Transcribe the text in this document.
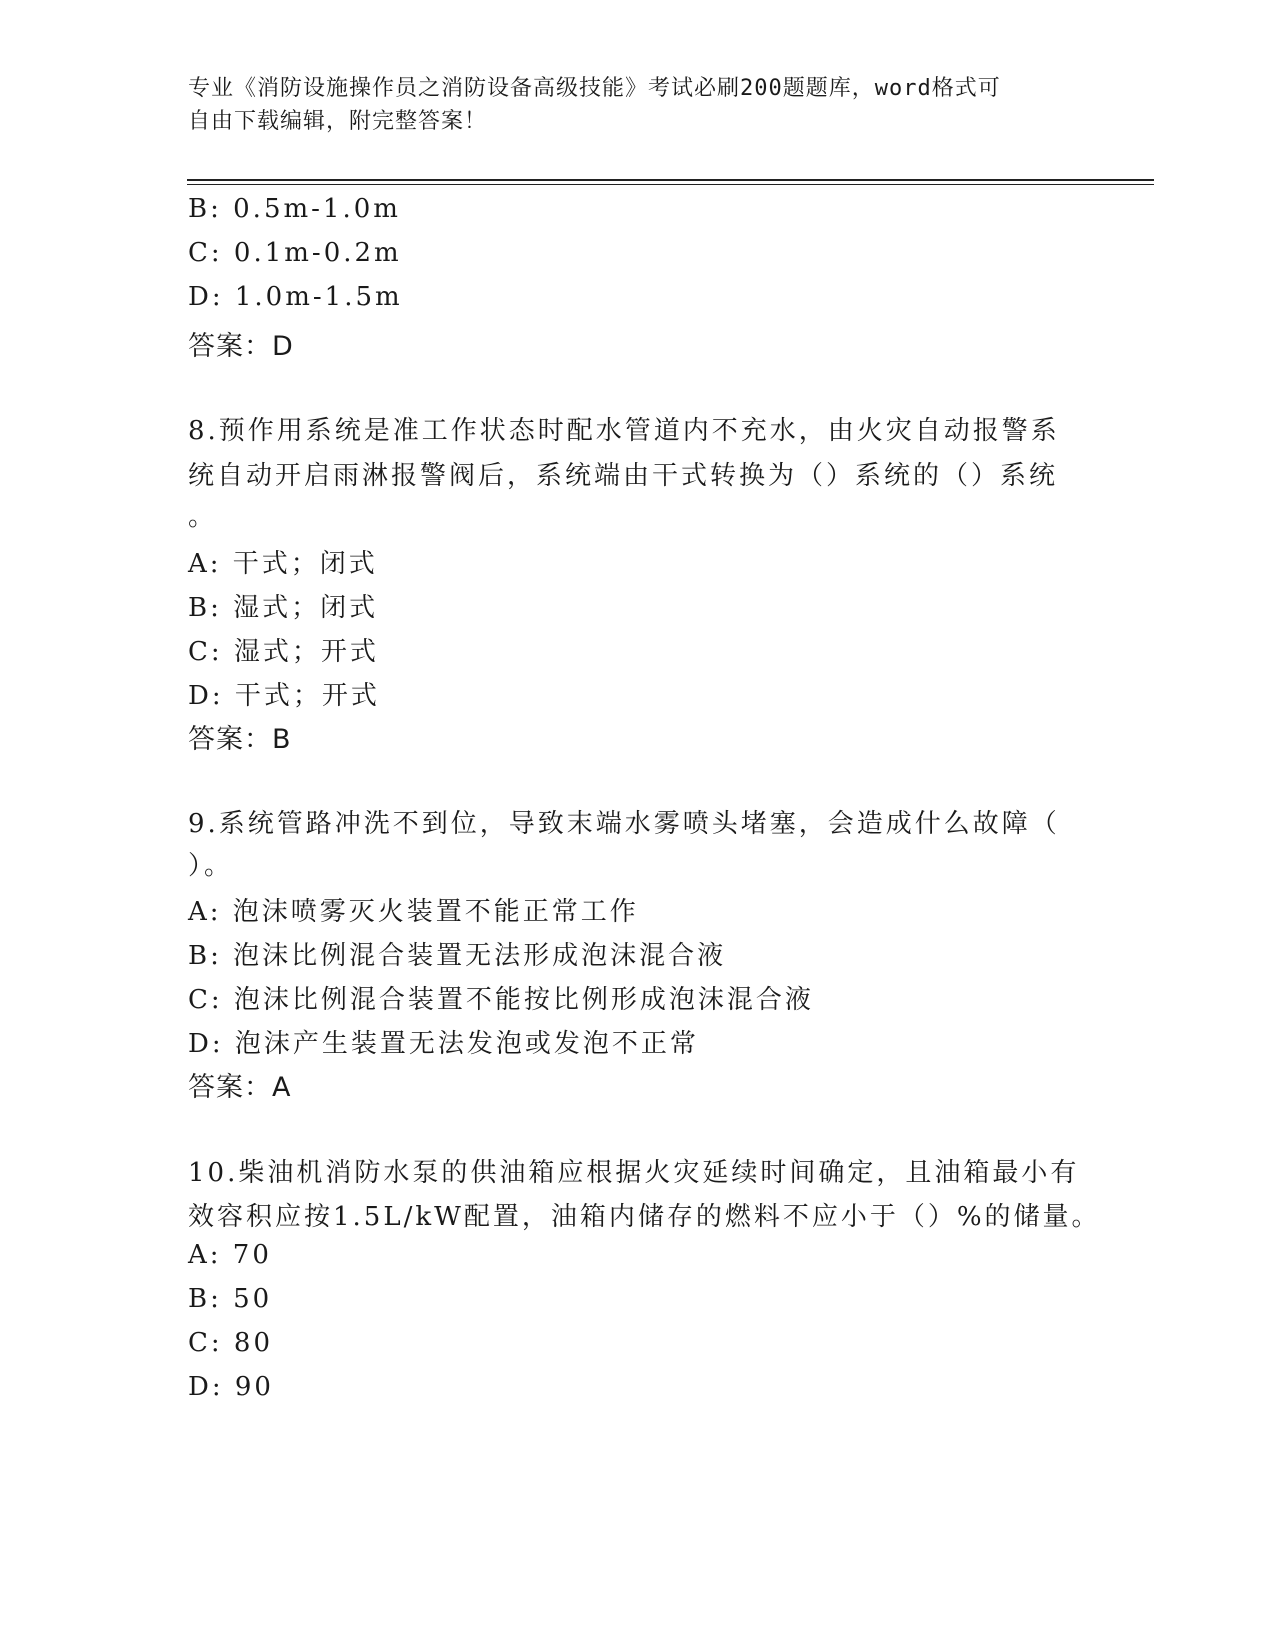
专业《消防设施操作员之消防设备高级技能》考试必刷200题题库，word格式可
自由下载编辑，附完整答案！
B: 0.5m-1.0m
C: 0.1m-0.2m
D: 1.0m-1.5m
答案：D
8.预作用系统是准工作状态时配水管道内不充水，由火灾自动报警系
统自动开启雨淋报警阀后，系统端由干式转换为（）系统的（）系统
。
A: 干式；闭式
B: 湿式；闭式
C: 湿式；开式
D: 干式；开式
答案：B
9.系统管路冲洗不到位，导致末端水雾喷头堵塞，会造成什么故障（
）。
A: 泡沫喷雾灭火装置不能正常工作
B: 泡沫比例混合装置无法形成泡沫混合液
C: 泡沫比例混合装置不能按比例形成泡沫混合液
D: 泡沫产生装置无法发泡或发泡不正常
答案：A
10.柴油机消防水泵的供油箱应根据火灾延续时间确定，且油箱最小有
效容积应按1.5L/kW配置，油箱内储存的燃料不应小于（）%的储量。
A: 70
B: 50
C: 80
D: 90
